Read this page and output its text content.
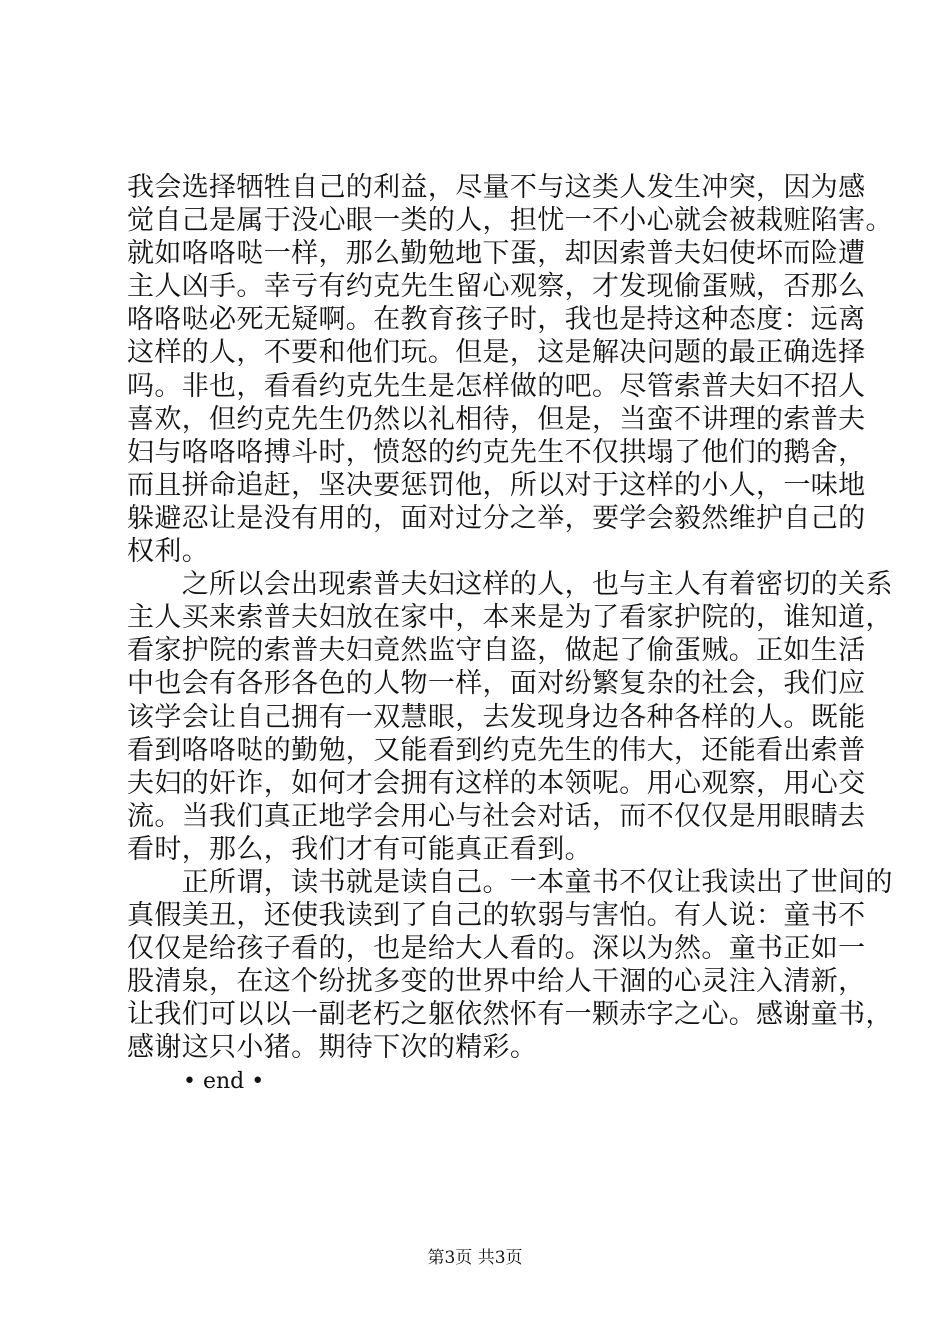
我会选择牺牲自己的利益，尽量不与这类人发生冲突，因为感
觉自己是属于没心眼一类的人，担忧一不小心就会被栽赃陷害。
就如咯咯哒一样，那么勤勉地下蛋，却因索普夫妇使坏而险遭
主人凶手。幸亏有约克先生留心观察，才发现偷蛋贼，否那么
咯咯哒必死无疑啊。在教育孩子时，我也是持这种态度：远离
这样的人，不要和他们玩。但是，这是解决问题的最正确选择
吗。非也，看看约克先生是怎样做的吧。尽管索普夫妇不招人
喜欢，但约克先生仍然以礼相待，但是，当蛮不讲理的索普夫
妇与咯咯咯搏斗时，愤怒的约克先生不仅拱塌了他们的鹅舍，
而且拼命追赶，坚决要惩罚他，所以对于这样的小人，一味地
躲避忍让是没有用的，面对过分之举，要学会毅然维护自己的
权利。
　　之所以会出现索普夫妇这样的人，也与主人有着密切的关系
主人买来索普夫妇放在家中，本来是为了看家护院的，谁知道，
看家护院的索普夫妇竟然监守自盗，做起了偷蛋贼。正如生活
中也会有各形各色的人物一样，面对纷繁复杂的社会，我们应
该学会让自己拥有一双慧眼，去发现身边各种各样的人。既能
看到咯咯哒的勤勉，又能看到约克先生的伟大，还能看出索普
夫妇的奸诈，如何才会拥有这样的本领呢。用心观察，用心交
流。当我们真正地学会用心与社会对话，而不仅仅是用眼睛去
看时，那么，我们才有可能真正看到。
　　正所谓，读书就是读自己。一本童书不仅让我读出了世间的
真假美丑，还使我读到了自己的软弱与害怕。有人说：童书不
仅仅是给孩子看的，也是给大人看的。深以为然。童书正如一
股清泉，在这个纷扰多变的世界中给人干涸的心灵注入清新，
让我们可以以一副老朽之躯依然怀有一颗赤字之心。感谢童书，
感谢这只小猪。期待下次的精彩。
• end •
第3页 共3页
